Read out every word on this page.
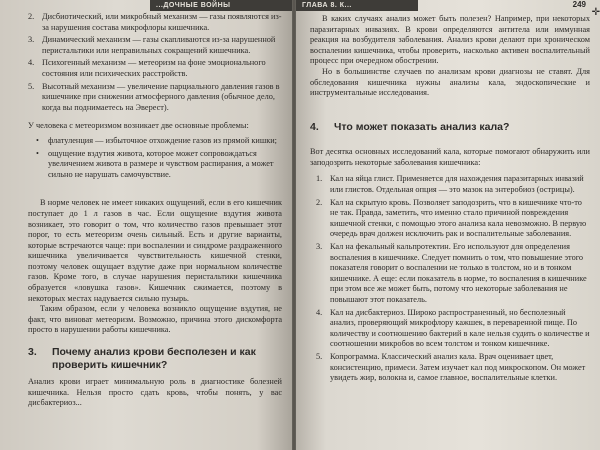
...ДОЧНЫЕ ВОЙНЫ
2. Дисбиотический, или микробный механизм — газы появляются из-за нарушения состава микрофлоры кишечника.
3. Динамический механизм — газы скапливаются из-за нарушенной перистальтики или неправильных сокращений кишечника.
4. Психогенный механизм — метеоризм на фоне эмоционального состояния или психических расстройств.
5. Высотный механизм — увеличение парциального давления газов в кишечнике при снижении атмосферного давления (обычное дело, когда вы поднимаетесь на Эверест).

У человека с метеоризмом возникает две основные проблемы:

• флатуленция — избыточное отхождение газов из прямой кишки;
• ощущение вздутия живота, которое может сопровождаться увеличением живота в размере и чувством распирания, а может сильно не нарушать самочувствие.

В норме человек не имеет никаких ощущений, если в его кишечник поступает до 1 л газов в час. Если ощущение вздутия живота возникает, это говорит о том, что количество газов превышает этот порог, то есть метеоризм очень сильный. Есть и другие варианты, которые встречаются чаще: при воспалении и синдроме раздраженного кишечника увеличивается чувствительность кишечной стенки, поэтому человек ощущает вздутие даже при нормальном количестве газов. Кроме того, в случае нарушения перистальтики кишечника образуется «ловушка газов». Кишечник сжимается, поэтому в некоторых местах надувается сильно пузырь.

Таким образом, если у человека возникло ощущение вздутия, не факт, что виноват метеоризм. Возможно, причина этого дискомфорта просто в нарушении работы кишечника.

3.	Почему анализ крови бесполезен и как проверить кишечник?

Анализ крови играет минимальную роль в диагностике болезней кишечника. Нельзя просто сдать кровь, чтобы понять, у вас дисбактериоз...

ГЛАВА 8. К...	249
✛

В каких случаях анализ может быть полезен? Например, при некоторых паразитарных инвазиях. В крови определяются антитела или иммунная реакция на возбудителя заболевания. Анализ крови делают при хроническом воспалении кишечника, чтобы проверить, насколько активен воспалительный процесс при очередном обострении.

Но в большинстве случаев по анализам крови диагнозы не ставят. Для обследования кишечника нужны анализы кала, эндоскопические и инструментальные исследования.

4.	Что может показать анализ кала?

Вот десятка основных исследований кала, которые помогают обнаружить или заподозрить некоторые заболевания кишечника:

1. Кал на яйца глист. Применяется для нахождения паразитарных инвазий или глистов. Отдельная опция — это мазок на энтеробиоз (острицы).
2. Кал на скрытую кровь. Позволяет заподозрить, что в кишечнике что-то не так. Правда, заметить, что именно стало причиной повреждения кишечной стенки, с помощью этого анализа кала невозможно. В первую очередь врач должен исключить рак и воспалительные заболевания.
3. Кал на фекальный кальпротектин. Его используют для определения воспаления в кишечнике. Следует помнить о том, что повышение этого показателя говорит о воспалении не только в толстом, но и в тонком кишечнике. А еще: если показатель в норме, то воспаления в кишечнике при этом все же может быть, потому что некоторые заболевания не повышают этот показатель.
4. Кал на дисбактериоз. Широко распространенный, но бесполезный анализ, проверяющий микрофлору кажшек, в переваренной пище. По количеству и соотношению бактерий в кале нельзя судить о количестве и соотношении микробов во всем толстом и тонком кишечнике.
5. Копрограмма. Классический анализ кала. Врач оценивает цвет, консистенцию, примеси. Затем изучает кал под микроскопом. Он может увидеть жир, волокна и, самое главное, воспалительные клетки.
